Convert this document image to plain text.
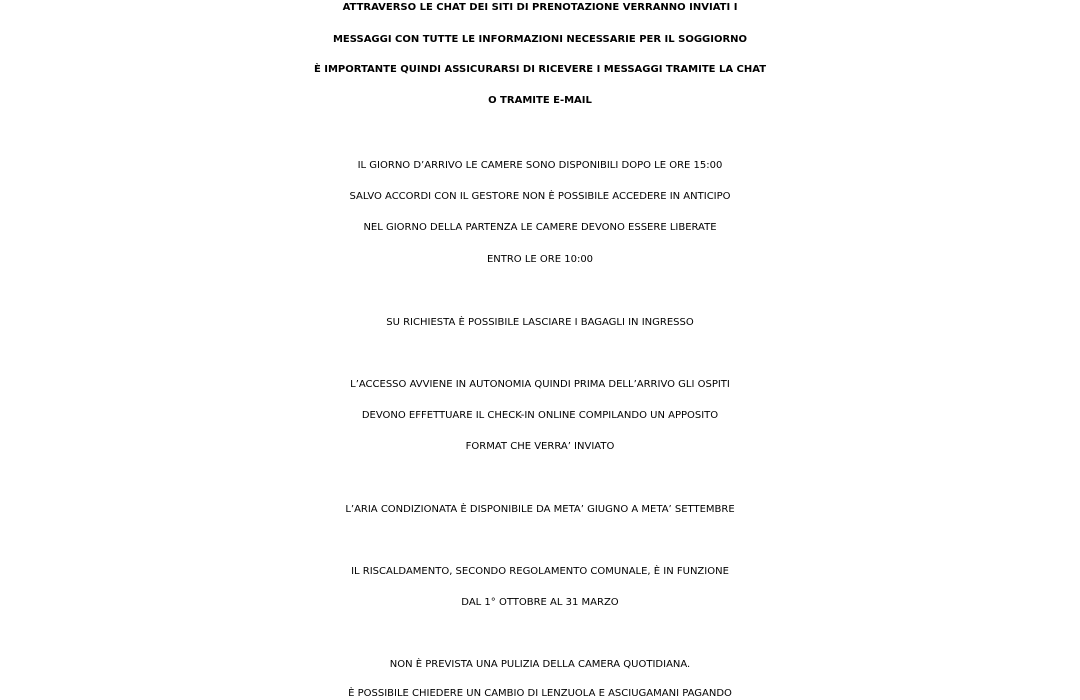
ATTRAVERSO LE CHAT DEI SITI DI PRENOTAZIONE VERRANNO INVIATI I

MESSAGGI CON TUTTE LE INFORMAZIONI NECESSARIE PER IL SOGGIORNO

È IMPORTANTE QUINDI ASSICURARSI DI RICEVERE I MESSAGGI TRAMITE LA CHAT

O TRAMITE E-MAIL

IL GIORNO D’ARRIVO LE CAMERE SONO DISPONIBILI DOPO LE ORE 15:00

SALVO ACCORDI CON IL GESTORE NON È POSSIBILE ACCEDERE IN ANTICIPO

NEL GIORNO DELLA PARTENZA LE CAMERE DEVONO ESSERE LIBERATE

ENTRO LE ORE 10:00

SU RICHIESTA È POSSIBILE LASCIARE I BAGAGLI IN INGRESSO

L’ACCESSO AVVIENE IN AUTONOMIA QUINDI PRIMA DELL’ARRIVO GLI OSPITI

DEVONO EFFETTUARE IL CHECK-IN ONLINE COMPILANDO UN APPOSITO

FORMAT CHE VERRA’ INVIATO

L’ARIA CONDIZIONATA È DISPONIBILE DA META’ GIUGNO A META’ SETTEMBRE

IL RISCALDAMENTO, SECONDO REGOLAMENTO COMUNALE, È IN FUNZIONE

DAL 1° OTTOBRE AL 31 MARZO

NON È PREVISTA UNA PULIZIA DELLA CAMERA QUOTIDIANA.

È POSSIBILE CHIEDERE UN CAMBIO DI LENZUOLA E ASCIUGAMANI PAGANDO
